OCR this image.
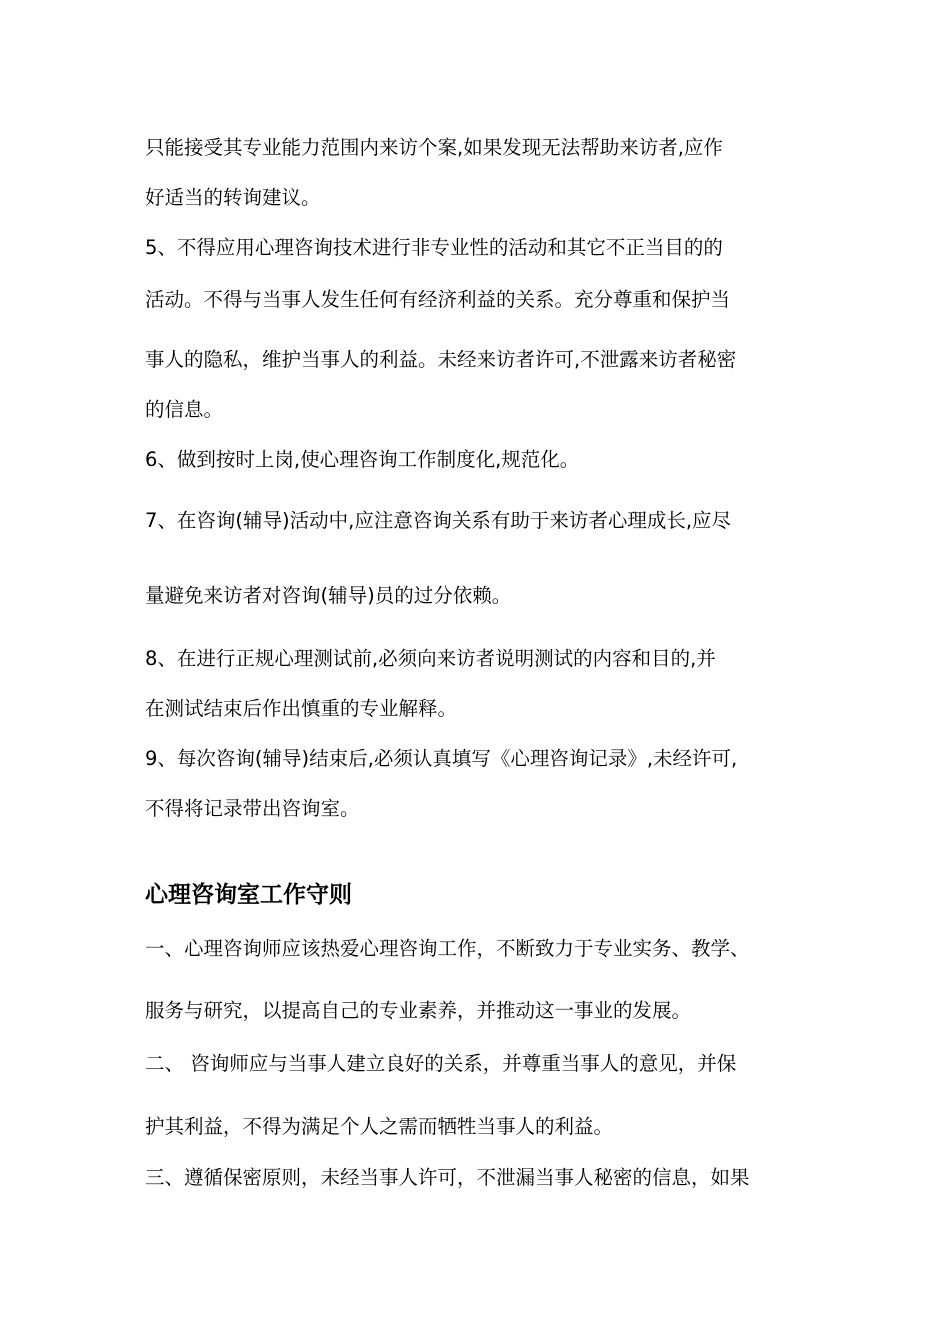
只能接受其专业能力范围内来访个案,如果发现无法帮助来访者,应作
好适当的转询建议。
5、不得应用心理咨询技术进行非专业性的活动和其它不正当目的的
活动。不得与当事人发生任何有经济利益的关系。充分尊重和保护当
事人的隐私，维护当事人的利益。未经来访者许可,不泄露来访者秘密
的信息。
6、做到按时上岗,使心理咨询工作制度化,规范化。
7、在咨询(辅导)活动中,应注意咨询关系有助于来访者心理成长,应尽
量避免来访者对咨询(辅导)员的过分依赖。
8、在进行正规心理测试前,必须向来访者说明测试的内容和目的,并
在测试结束后作出慎重的专业解释。
9、每次咨询(辅导)结束后,必须认真填写《心理咨询记录》,未经许可,
不得将记录带出咨询室。
心理咨询室工作守则
一、心理咨询师应该热爱心理咨询工作，不断致力于专业实务、教学、
服务与研究，以提高自己的专业素养，并推动这一事业的发展。
二、 咨询师应与当事人建立良好的关系，并尊重当事人的意见，并保
护其利益，不得为满足个人之需而牺牲当事人的利益。
三、遵循保密原则，未经当事人许可，不泄漏当事人秘密的信息，如果
